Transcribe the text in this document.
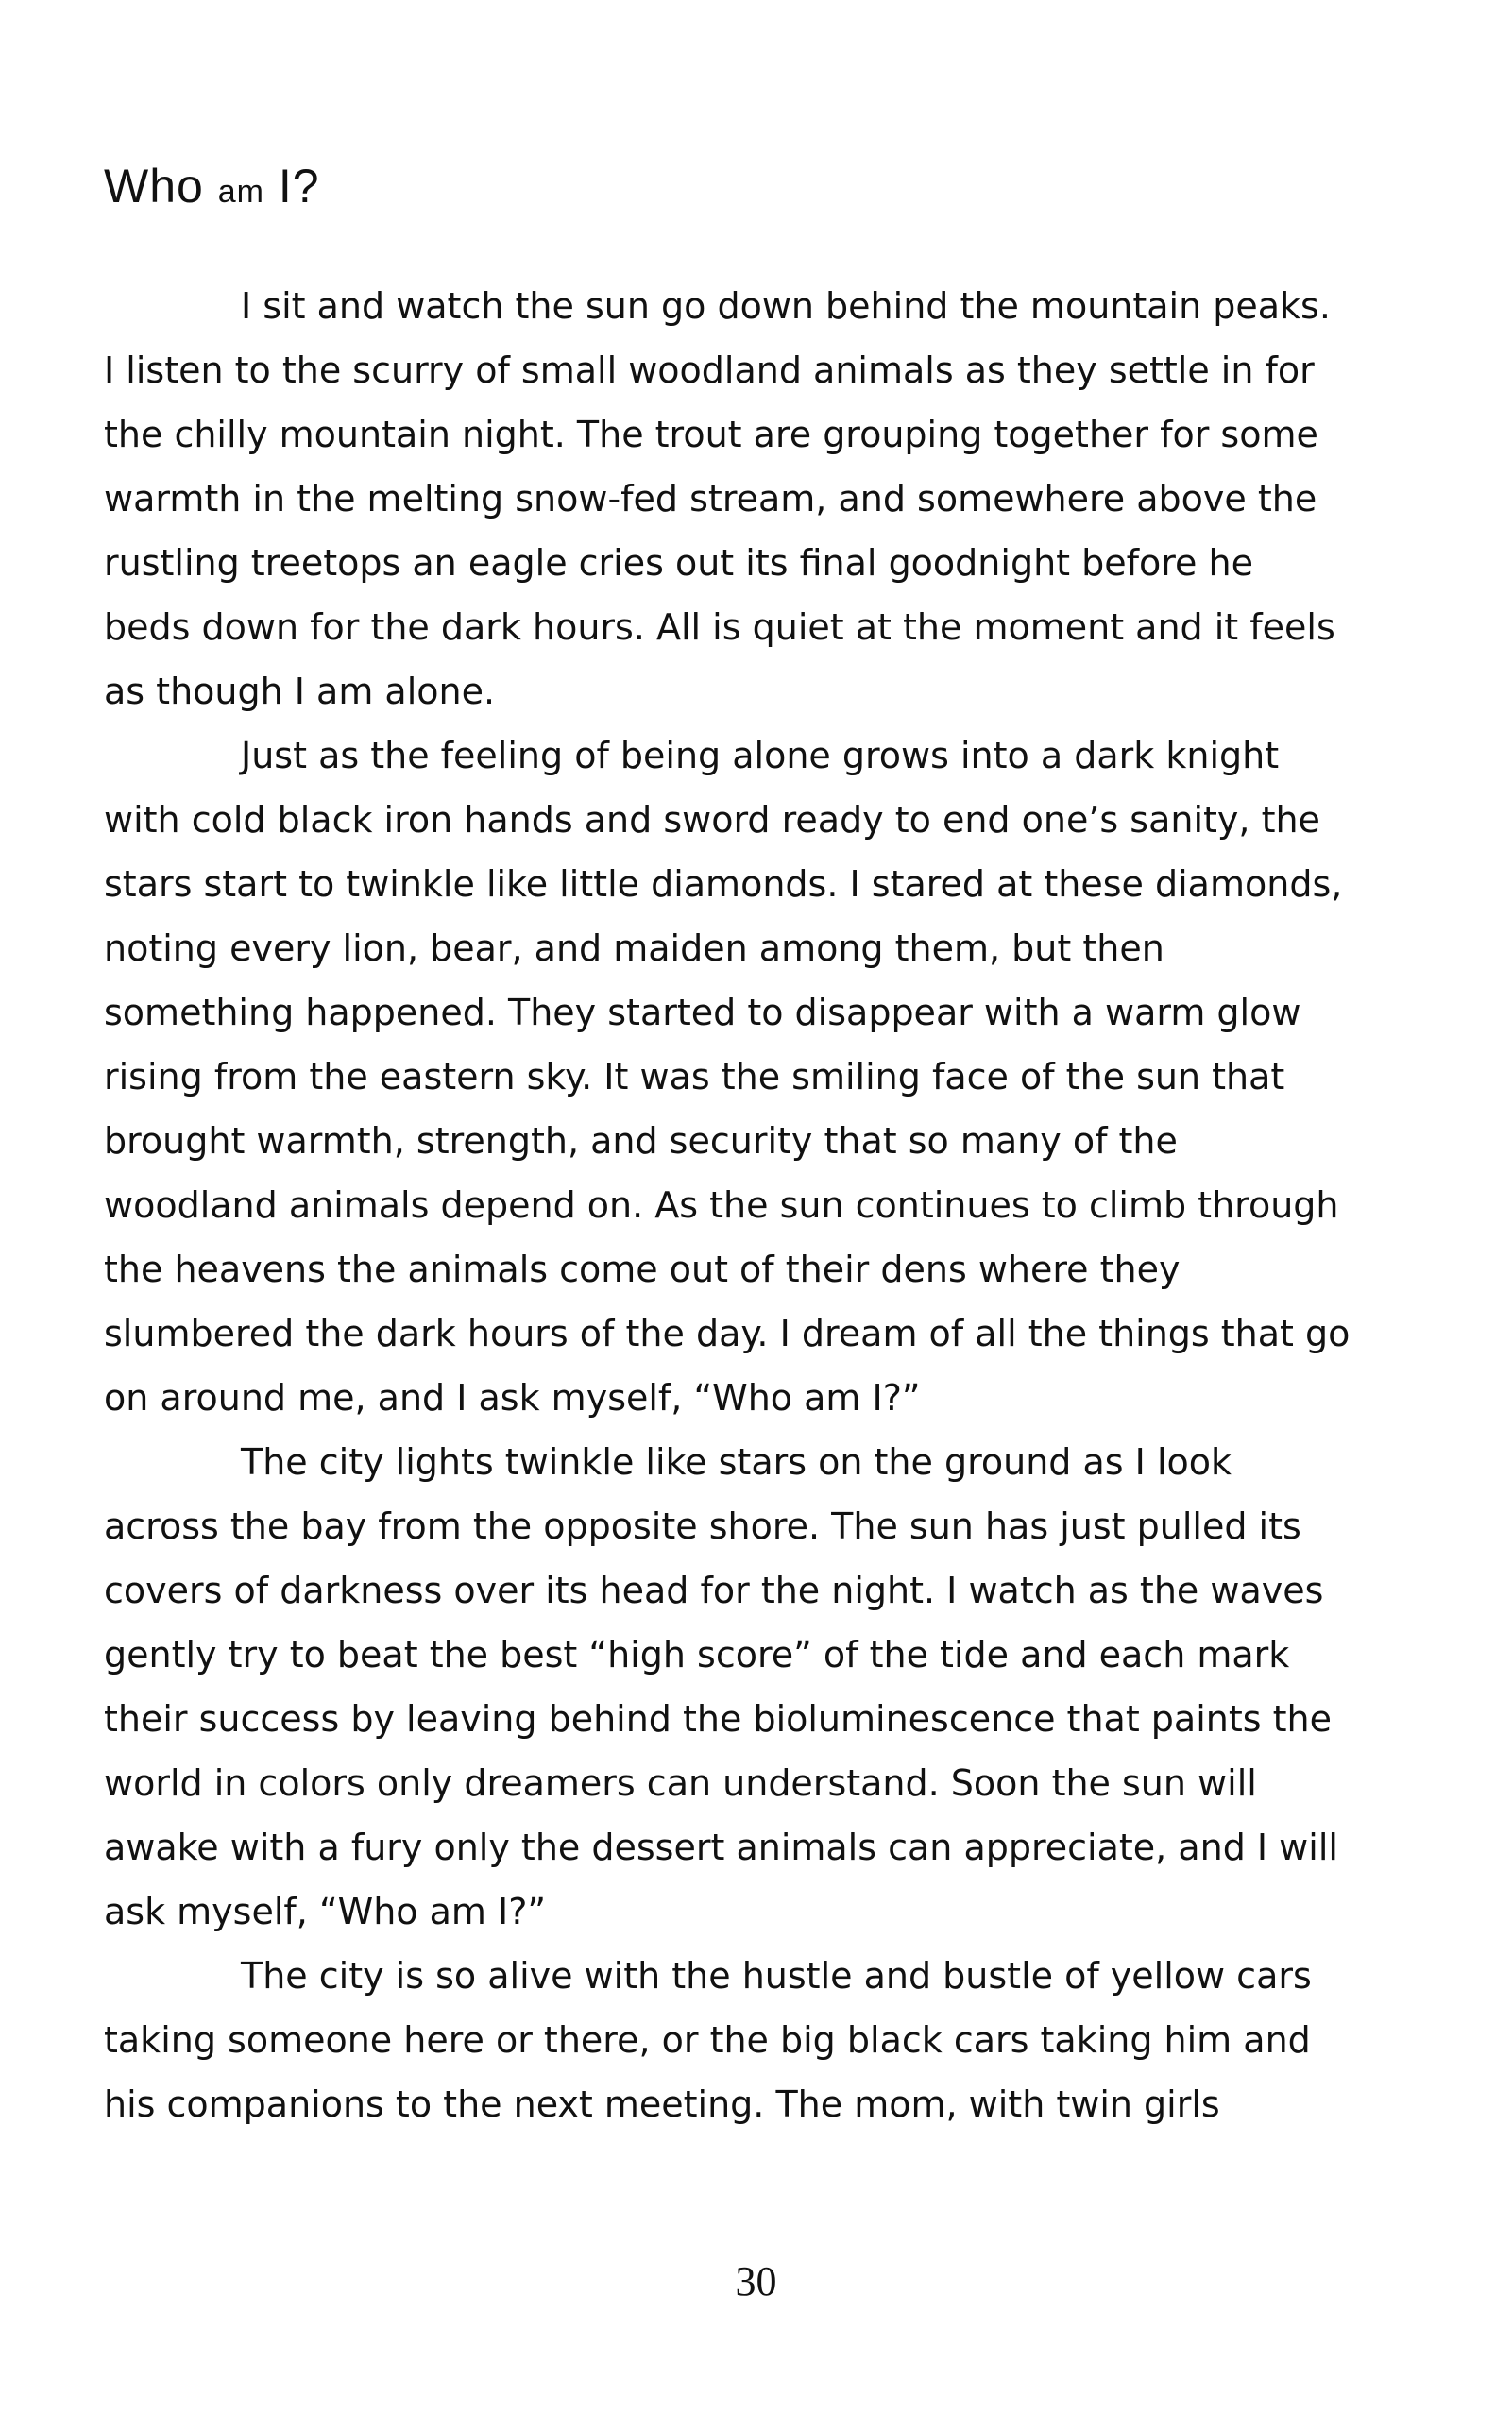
Who am I?

I sit and watch the sun go down behind the mountain peaks. I listen to the scurry of small woodland animals as they settle in for the chilly mountain night. The trout are grouping together for some warmth in the melting snow-fed stream, and somewhere above the rustling treetops an eagle cries out its final goodnight before he beds down for the dark hours. All is quiet at the moment and it feels as though I am alone.

Just as the feeling of being alone grows into a dark knight with cold black iron hands and sword ready to end one’s sanity, the stars start to twinkle like little diamonds. I stared at these diamonds, noting every lion, bear, and maiden among them, but then something happened. They started to disappear with a warm glow rising from the eastern sky. It was the smiling face of the sun that brought warmth, strength, and security that so many of the woodland animals depend on. As the sun continues to climb through the heavens the animals come out of their dens where they slumbered the dark hours of the day. I dream of all the things that go on around me, and I ask myself, “Who am I?”

The city lights twinkle like stars on the ground as I look across the bay from the opposite shore. The sun has just pulled its covers of darkness over its head for the night. I watch as the waves gently try to beat the best “high score” of the tide and each mark their success by leaving behind the bioluminescence that paints the world in colors only dreamers can understand. Soon the sun will awake with a fury only the dessert animals can appreciate, and I will ask myself, “Who am I?”

The city is so alive with the hustle and bustle of yellow cars taking someone here or there, or the big black cars taking him and his companions to the next meeting. The mom, with twin girls

30
